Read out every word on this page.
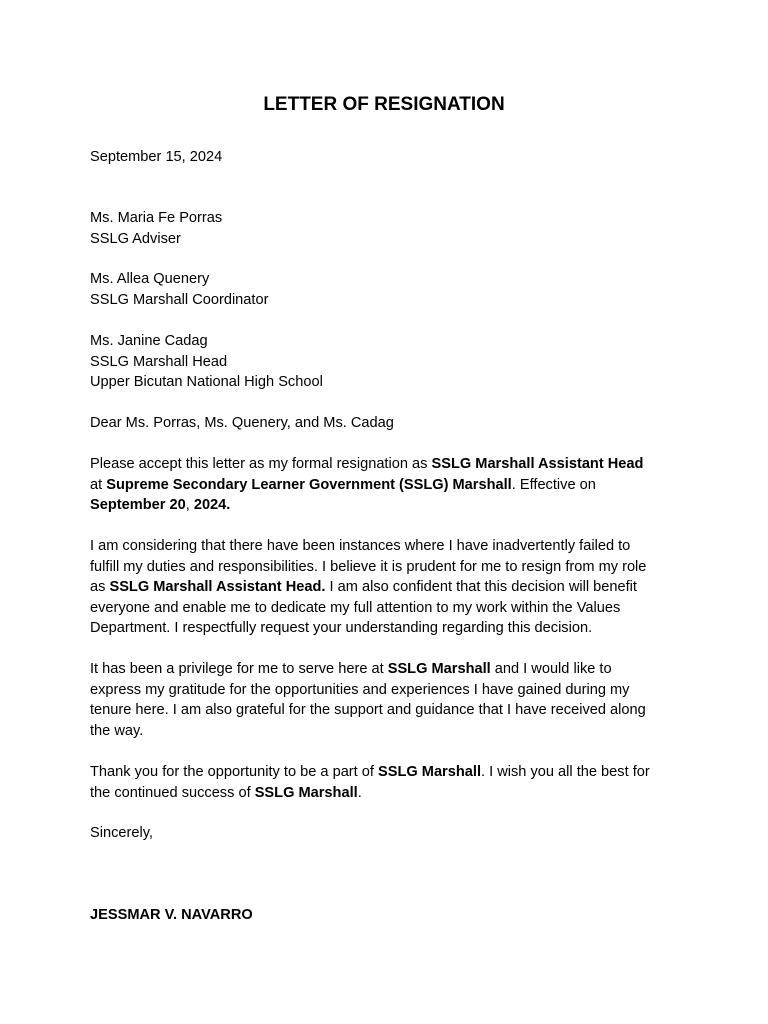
LETTER OF RESIGNATION
September 15, 2024
Ms. Maria Fe Porras
SSLG Adviser
Ms. Allea Quenery
SSLG Marshall Coordinator
Ms. Janine Cadag
SSLG Marshall Head
Upper Bicutan National High School
Dear Ms. Porras, Ms. Quenery, and Ms. Cadag
Please accept this letter as my formal resignation as SSLG Marshall Assistant Head
at Supreme Secondary Learner Government (SSLG) Marshall. Effective on
September 20, 2024.
I am considering that there have been instances where I have inadvertently failed to
fulfill my duties and responsibilities. I believe it is prudent for me to resign from my role
as SSLG Marshall Assistant Head. I am also confident that this decision will benefit
everyone and enable me to dedicate my full attention to my work within the Values
Department. I respectfully request your understanding regarding this decision.
It has been a privilege for me to serve here at SSLG Marshall and I would like to
express my gratitude for the opportunities and experiences I have gained during my
tenure here. I am also grateful for the support and guidance that I have received along
the way.
Thank you for the opportunity to be a part of SSLG Marshall. I wish you all the best for
the continued success of SSLG Marshall.
Sincerely,
JESSMAR V. NAVARRO
